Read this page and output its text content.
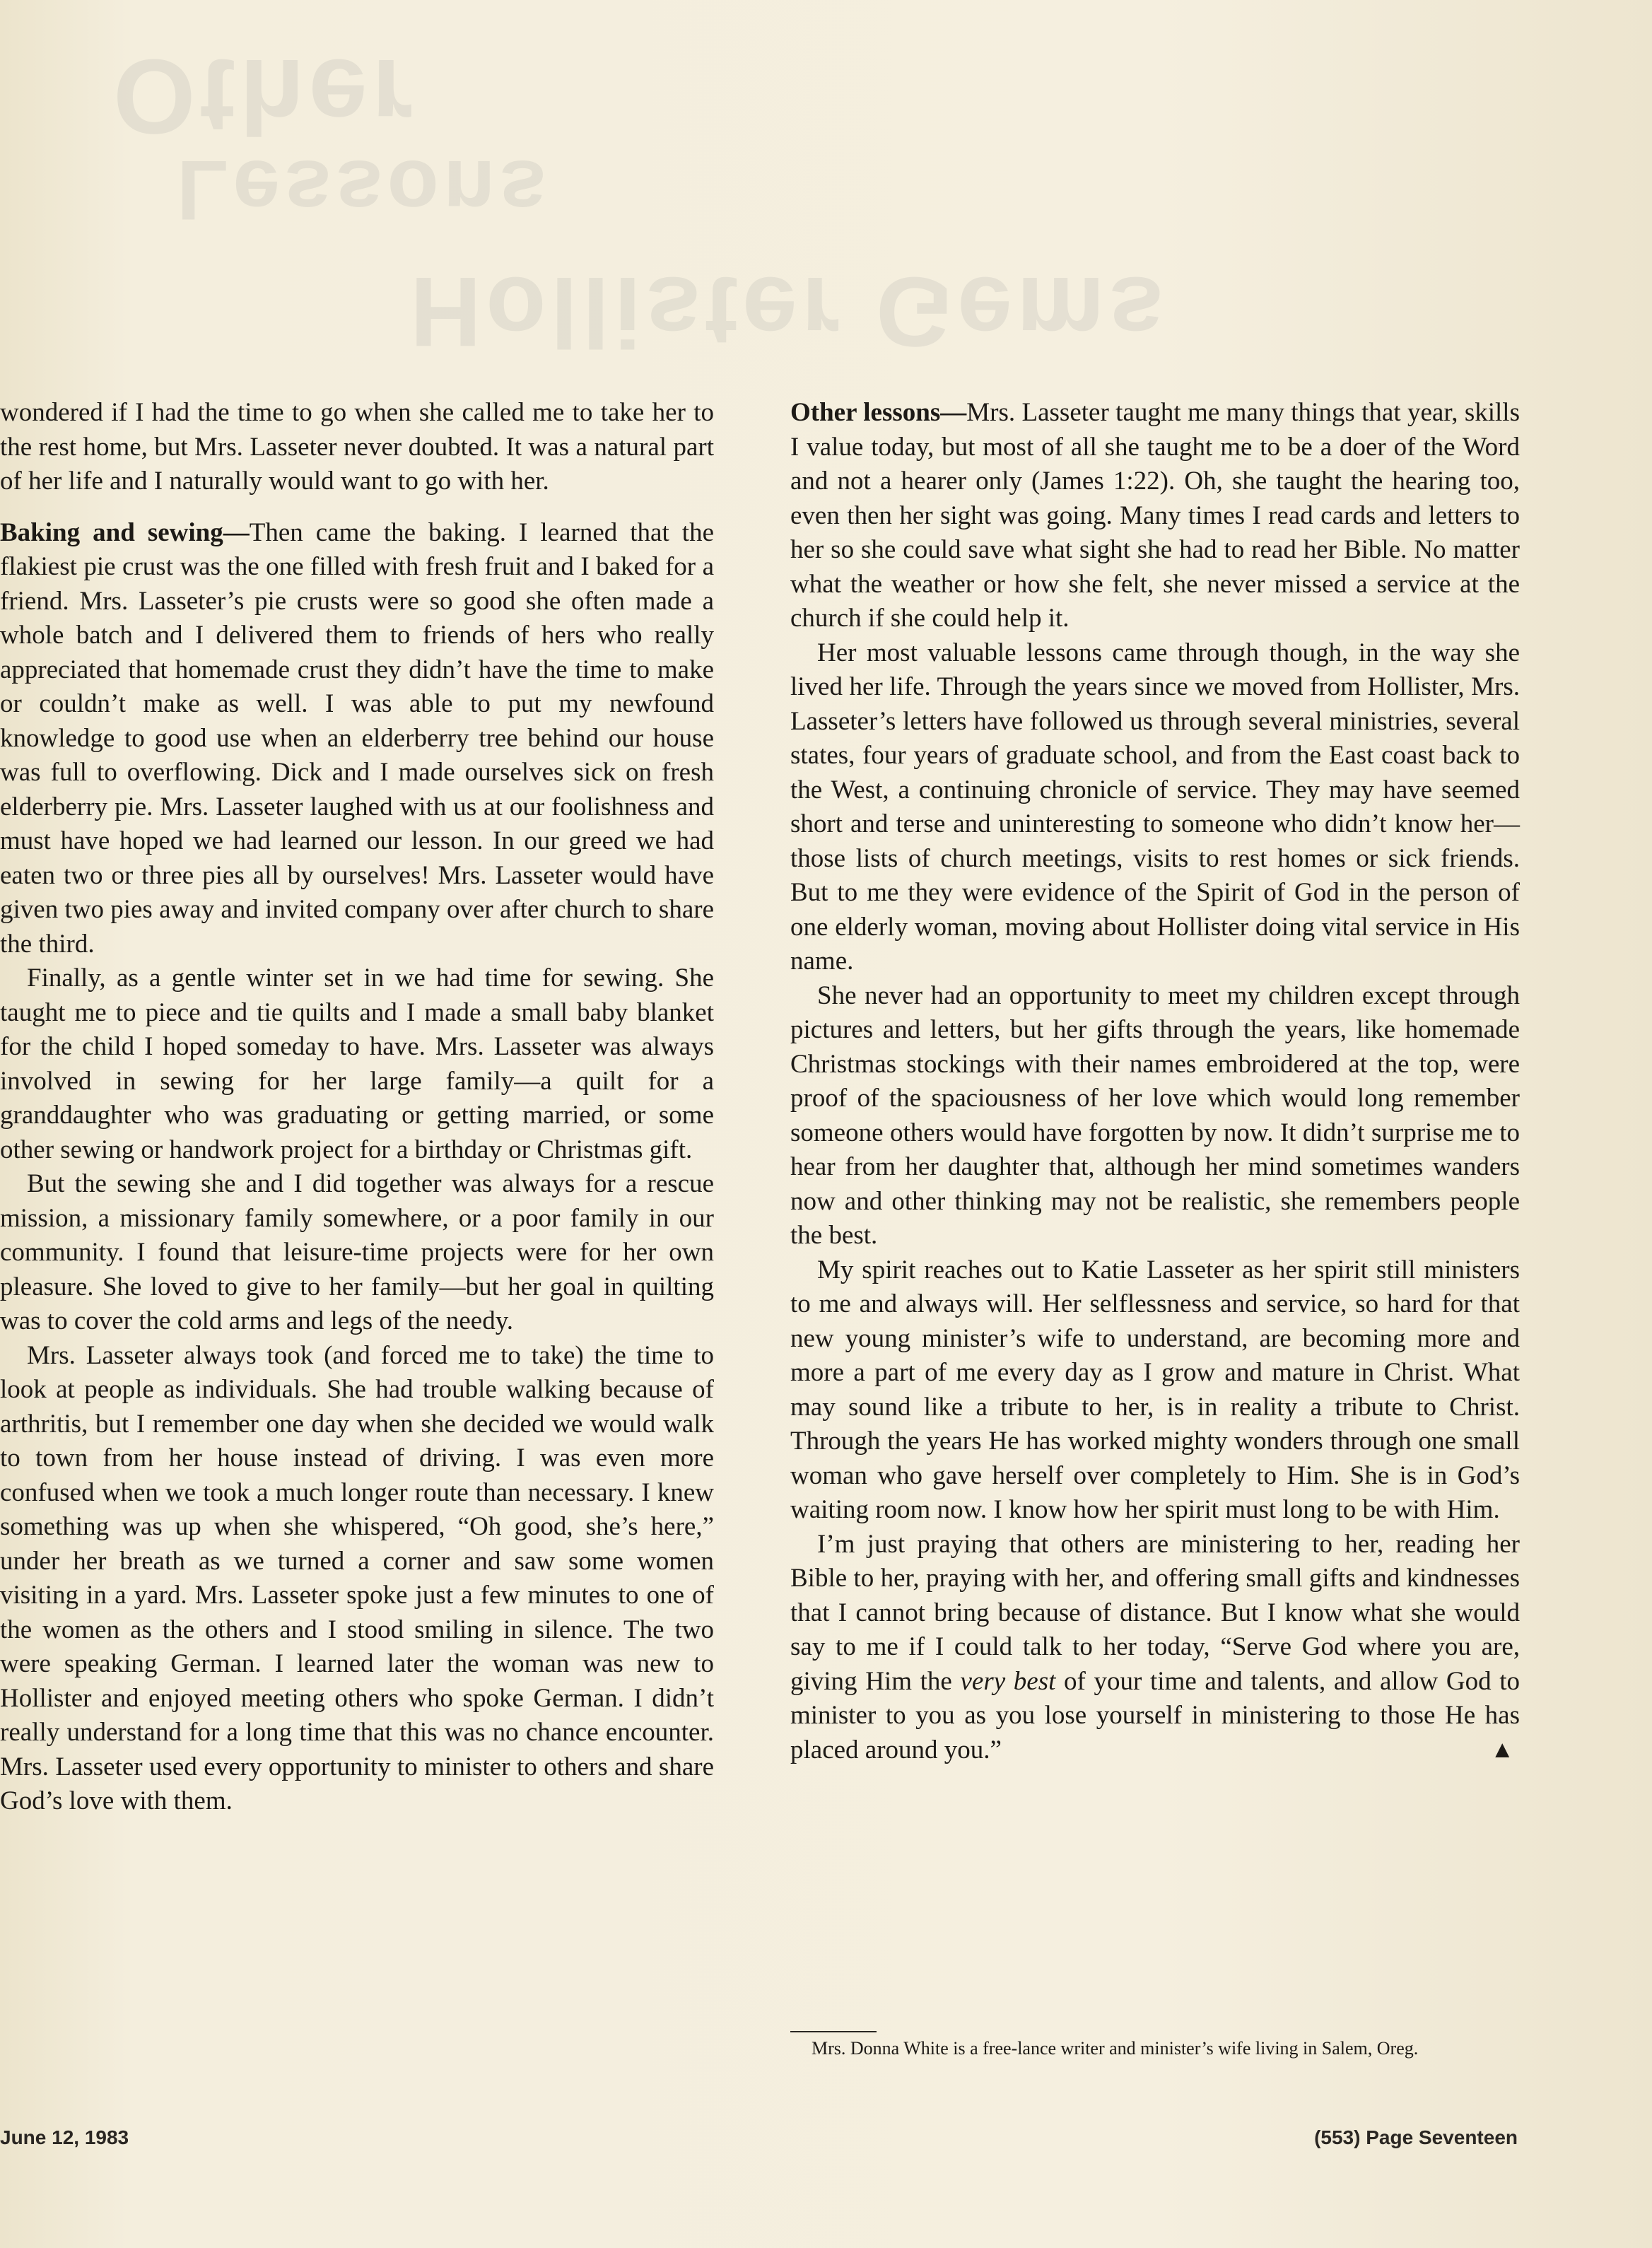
Other
Lessons
Hollister Gems

wondered if I had the time to go when she called me to take her to the rest home, but Mrs. Lasseter never doubted. It was a natural part of her life and I naturally would want to go with her.

Baking and sewing—Then came the baking. I learned that the flakiest pie crust was the one filled with fresh fruit and I baked for a friend. Mrs. Lasseter’s pie crusts were so good she often made a whole batch and I delivered them to friends of hers who really appreciated that homemade crust they didn’t have the time to make or couldn’t make as well. I was able to put my newfound knowledge to good use when an elderberry tree behind our house was full to overflowing. Dick and I made ourselves sick on fresh elderberry pie. Mrs. Lasseter laughed with us at our foolishness and must have hoped we had learned our lesson. In our greed we had eaten two or three pies all by ourselves! Mrs. Lasseter would have given two pies away and invited company over after church to share the third.

Finally, as a gentle winter set in we had time for sewing. She taught me to piece and tie quilts and I made a small baby blanket for the child I hoped someday to have. Mrs. Lasseter was always involved in sewing for her large family—a quilt for a granddaughter who was graduating or getting married, or some other sewing or handwork project for a birthday or Christmas gift.

But the sewing she and I did together was always for a rescue mission, a missionary family somewhere, or a poor family in our community. I found that leisure-time projects were for her own pleasure. She loved to give to her family—but her goal in quilting was to cover the cold arms and legs of the needy.

Mrs. Lasseter always took (and forced me to take) the time to look at people as individuals. She had trouble walking because of arthritis, but I remember one day when she decided we would walk to town from her house instead of driving. I was even more confused when we took a much longer route than necessary. I knew something was up when she whispered, “Oh good, she’s here,” under her breath as we turned a corner and saw some women visiting in a yard. Mrs. Lasseter spoke just a few minutes to one of the women as the others and I stood smiling in silence. The two were speaking German. I learned later the woman was new to Hollister and enjoyed meeting others who spoke German. I didn’t really understand for a long time that this was no chance encounter. Mrs. Lasseter used every opportunity to minister to others and share God’s love with them.

Other lessons—Mrs. Lasseter taught me many things that year, skills I value today, but most of all she taught me to be a doer of the Word and not a hearer only (James 1:22). Oh, she taught the hearing too, even then her sight was going. Many times I read cards and letters to her so she could save what sight she had to read her Bible. No matter what the weather or how she felt, she never missed a service at the church if she could help it.

Her most valuable lessons came through though, in the way she lived her life. Through the years since we moved from Hollister, Mrs. Lasseter’s letters have followed us through several ministries, several states, four years of graduate school, and from the East coast back to the West, a continuing chronicle of service. They may have seemed short and terse and uninteresting to someone who didn’t know her—those lists of church meetings, visits to rest homes or sick friends. But to me they were evidence of the Spirit of God in the person of one elderly woman, moving about Hollister doing vital service in His name.

She never had an opportunity to meet my children except through pictures and letters, but her gifts through the years, like homemade Christmas stockings with their names embroidered at the top, were proof of the spaciousness of her love which would long remember someone others would have forgotten by now. It didn’t surprise me to hear from her daughter that, although her mind sometimes wanders now and other thinking may not be realistic, she remembers people the best.

My spirit reaches out to Katie Lasseter as her spirit still ministers to me and always will. Her selflessness and service, so hard for that new young minister’s wife to understand, are becoming more and more a part of me every day as I grow and mature in Christ. What may sound like a tribute to her, is in reality a tribute to Christ. Through the years He has worked mighty wonders through one small woman who gave herself over completely to Him. She is in God’s waiting room now. I know how her spirit must long to be with Him.

I’m just praying that others are ministering to her, reading her Bible to her, praying with her, and offering small gifts and kindnesses that I cannot bring because of distance. But I know what she would say to me if I could talk to her today, “Serve God where you are, giving Him the very best of your time and talents, and allow God to minister to you as you lose yourself in ministering to those He has placed around you.”	▲

Mrs. Donna White is a free-lance writer and minister’s wife living in Salem, Oreg.

June 12, 1983	(553) Page Seventeen
